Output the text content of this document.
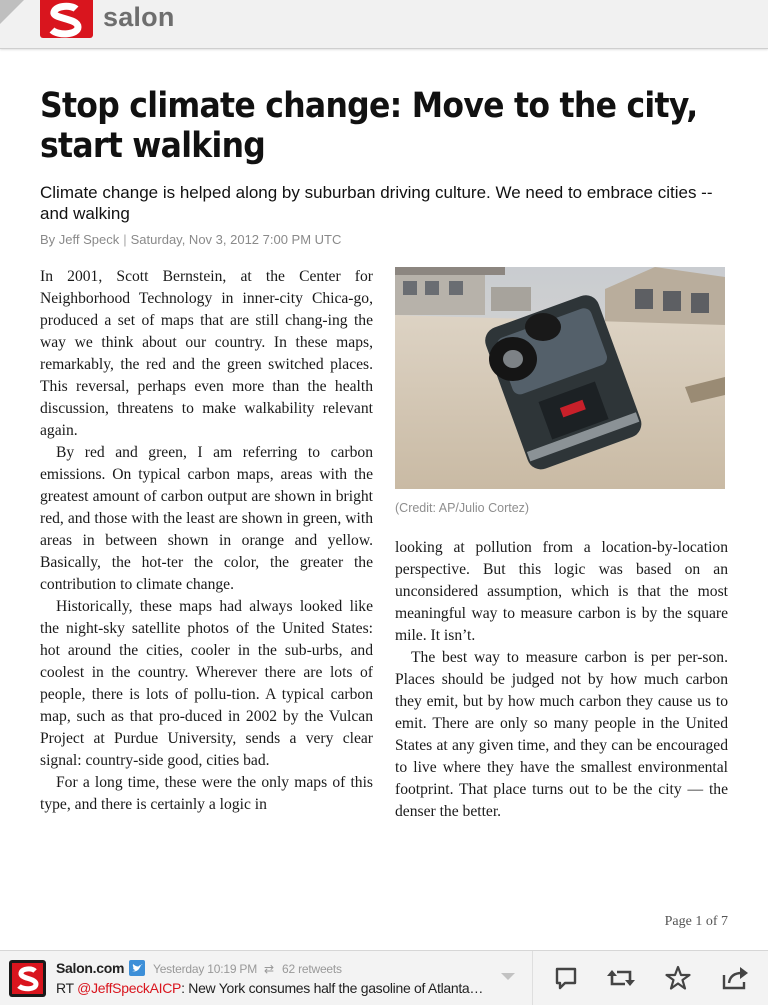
salon
Stop climate change: Move to the city, start walking
Climate change is helped along by suburban driving culture. We need to embrace cities -- and walking
By Jeff Speck | Saturday, Nov 3, 2012 7:00 PM UTC

In 2001, Scott Bernstein, at the Center for Neighborhood Technology in inner-city Chica-go, produced a set of maps that are still chang-ing the way we think about our country. In these maps, remarkably, the red and the green switched places. This reversal, perhaps even more than the health discussion, threatens to make walkability relevant again.

By red and green, I am referring to carbon emissions. On typical carbon maps, areas with the greatest amount of carbon output are shown in bright red, and those with the least are shown in green, with areas in between shown in orange and yellow. Basically, the hot-ter the color, the greater the contribution to climate change.

Historically, these maps had always looked like the night-sky satellite photos of the United States: hot around the cities, cooler in the sub-urbs, and coolest in the country. Wherever there are lots of people, there is lots of pollu-tion. A typical carbon map, such as that pro-duced in 2002 by the Vulcan Project at Purdue University, sends a very clear signal: country-side good, cities bad.

For a long time, these were the only maps of this type, and there is certainly a logic in

(Credit: AP/Julio Cortez)

looking at pollution from a location-by-location perspective. But this logic was based on an unconsidered assumption, which is that the most meaningful way to measure carbon is by the square mile. It isn’t.

The best way to measure carbon is per per-son. Places should be judged not by how much carbon they emit, but by how much carbon they cause us to emit. There are only so many people in the United States at any given time, and they can be encouraged to live where they have the smallest environmental footprint. That place turns out to be the city — the denser the better.

Page 1 of 7
Salon.com Yesterday 10:19 PM ⇄ 62 retweets
RT @JeffSpeckAICP: New York consumes half the gasoline of Atlanta…
